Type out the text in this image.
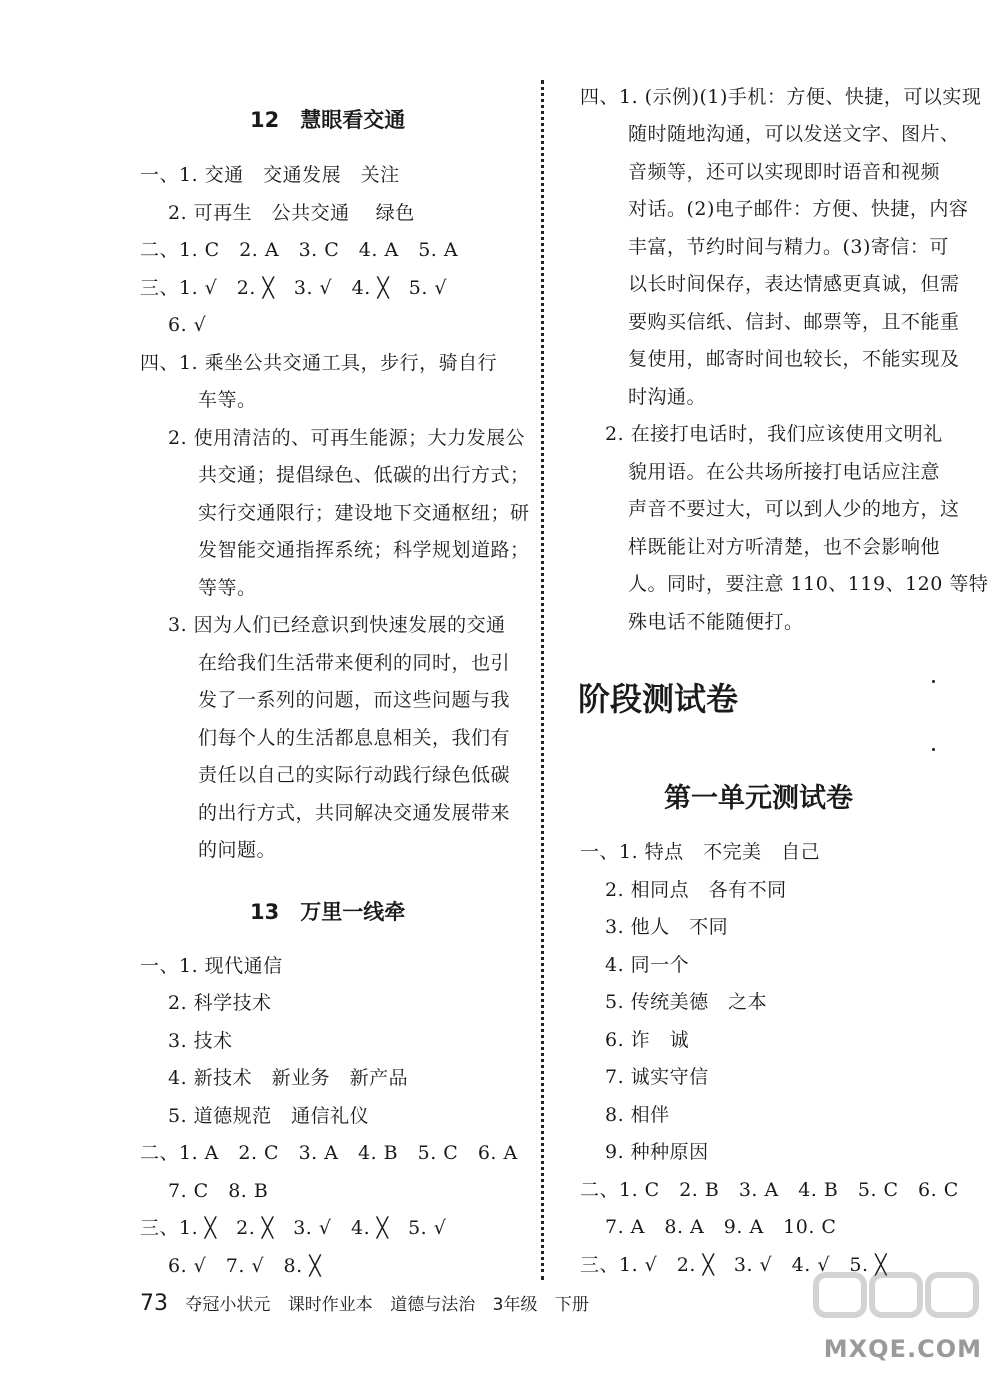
12　慧眼看交通
一、1. 交通　交通发展　关注
2. 可再生　公共交通　 绿色
二、1. C　2. A　3. C　4. A　5. A
三、1. √　2. ╳　3. √　4. ╳　5. √
6. √
四、1. 乘坐公共交通工具，步行，骑自行
车等。
2. 使用清洁的、可再生能源；大力发展公
共交通；提倡绿色、低碳的出行方式；
实行交通限行；建设地下交通枢纽；研
发智能交通指挥系统；科学规划道路；
等等。
3. 因为人们已经意识到快速发展的交通
在给我们生活带来便利的同时，也引
发了一系列的问题，而这些问题与我
们每个人的生活都息息相关，我们有
责任以自己的实际行动践行绿色低碳
的出行方式，共同解决交通发展带来
的问题。
13　万里一线牵
一、1. 现代通信
2. 科学技术
3. 技术
4. 新技术　新业务　新产品
5. 道德规范　通信礼仪
二、1. A　2. C　3. A　4. B　5. C　6. A
7. C　8. B
三、1. ╳　2. ╳　3. √　4. ╳　5. √
6. √　7. √　8. ╳
四、1. (示例)(1)手机：方便、快捷，可以实现
随时随地沟通，可以发送文字、图片、
音频等，还可以实现即时语音和视频
对话。(2)电子邮件：方便、快捷，内容
丰富，节约时间与精力。(3)寄信：可
以长时间保存，表达情感更真诚，但需
要购买信纸、信封、邮票等，且不能重
复使用，邮寄时间也较长，不能实现及
时沟通。
2. 在接打电话时，我们应该使用文明礼
貌用语。在公共场所接打电话应注意
声音不要过大，可以到人少的地方，这
样既能让对方听清楚，也不会影响他
人。同时，要注意 110、119、120 等特
殊电话不能随便打。
阶段测试卷
第一单元测试卷
一、1. 特点　不完美　自己
2. 相同点　各有不同
3. 他人　不同
4. 同一个
5. 传统美德　之本
6. 诈　诚
7. 诚实守信
8. 相伴
9. 种种原因
二、1. C　2. B　3. A　4. B　5. C　6. C
7. A　8. A　9. A　10. C
三、1. √　2. ╳　3. √　4. √　5. ╳
73 夺冠小状元 课时作业本 道德与法治 3年级 下册
MXQE.COM
